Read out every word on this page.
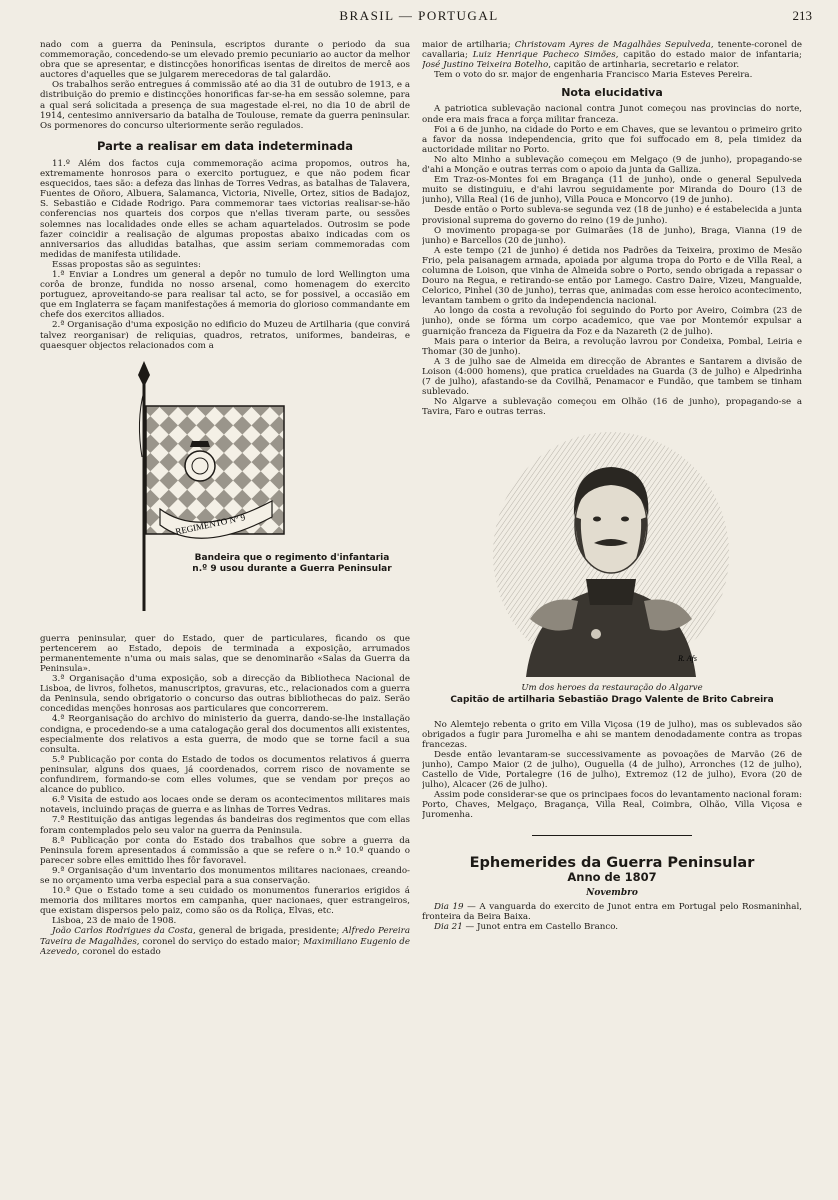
BRASIL — PORTUGAL	213

nado com a guerra da Peninsula, escriptos durante o periodo da sua commemoração, concedendo-se um elevado premio pecuniario ao auctor da melhor obra que se apresentar, e distincções honorificas isentas de direitos de mercê aos auctores d'aquelles que se julgarem merecedoras de tal galardão.

Os trabalhos serão entregues á commissão até ao dia 31 de outubro de 1913, e a distribuição do premio e distincções honorificas far-se-ha em sessão solemne, para a qual será solicitada a presença de sua magestade el-rei, no dia 10 de abril de 1914, centesimo anniversario da batalha de Toulouse, remate da guerra peninsular. Os pormenores do concurso ulteriormente serão regulados.

Parte a realisar em data indeterminada

11.º Além dos factos cuja commemoração acima propomos, outros ha, extremamente honrosos para o exercito portuguez, e que não podem ficar esquecidos, taes são: a defeza das linhas de Torres Vedras, as batalhas de Talavera, Fuentes de Oñoro, Albuera, Salamanca, Victoria, Nivelle, Ortez, sitios de Badajoz, S. Sebastião e Cidade Rodrigo. Para commemorar taes victorias realisar-se-hão conferencias nos quarteis dos corpos que n'ellas tiveram parte, ou sessões solemnes nas localidades onde elles se acham aquartelados. Outrosim se pode fazer coincidir a realisação de algumas propostas abaixo indicadas com os anniversarios das alludidas batalhas, que assim seriam commemoradas com medidas de manifesta utilidade.

Essas propostas são as seguintes:

1.ª Enviar a Londres um general a depôr no tumulo de lord Wellington uma corôa de bronze, fundida no nosso arsenal, como homenagem do exercito portuguez, aproveitando-se para realisar tal acto, se for possivel, a occasião em que em Inglaterra se façam manifestações á memoria do glorioso commandante em chefe dos exercitos alliados.

2.ª Organisação d'uma exposição no edificio do Muzeu de Artilharia (que convirá talvez reorganisar) de reliquias, quadros, retratos, uniformes, bandeiras, e quaesquer objectos relacionados com a

REGIMENTO Nº 9
Bandeira que o regimento d'infantaria n.º 9 usou durante a Guerra Peninsular

guerra peninsular, quer do Estado, quer de particulares, ficando os que pertencerem ao Estado, depois de terminada a exposição, arrumados permanentemente n'uma ou mais salas, que se denominarão «Salas da Guerra da Peninsula».

3.ª Organisação d'uma exposição, sob a direcção da Bibliotheca Nacional de Lisboa, de livros, folhetos, manuscriptos, gravuras, etc., relacionados com a guerra da Peninsula, sendo obrigatorio o concurso das outras bibliothecas do paiz. Serão concedidas menções honrosas aos particulares que concorrerem.

4.ª Reorganisação do archivo do ministerio da guerra, dando-se-lhe installação condigna, e procedendo-se a uma catalogação geral dos documentos alli existentes, especialmente dos relativos a esta guerra, de modo que se torne facil a sua consulta.

5.ª Publicação por conta do Estado de todos os documentos relativos á guerra peninsular, alguns dos quaes, já coordenados, correm risco de novamente se confundirem, formando-se com elles volumes, que se vendam por preços ao alcance do publico.

6.ª Visita de estudo aos locaes onde se deram os acontecimentos militares mais notaveis, incluindo praças de guerra e as linhas de Torres Vedras.

7.ª Restituição das antigas legendas ás bandeiras dos regimentos que com ellas foram contemplados pelo seu valor na guerra da Peninsula.

8.ª Publicação por conta do Estado dos trabalhos que sobre a guerra da Peninsula forem apresentados á commissão a que se refere o n.º 10.º quando o parecer sobre elles emittido lhes fôr favoravel.

9.ª Organisação d'um inventario dos monumentos militares nacionaes, creando-se no orçamento uma verba especial para a sua conservação.

10.ª Que o Estado tome a seu cuidado os monumentos funerarios erigidos á memoria dos militares mortos em campanha, quer nacionaes, quer estrangeiros, que existam dispersos pelo paiz, como são os da Roliça, Elvas, etc.

Lisboa, 23 de maio de 1908.

João Carlos Rodrigues da Costa, general de brigada, presidente; Alfredo Pereira Taveira de Magalhães, coronel do serviço do estado maior; Maximiliano Eugenio de Azevedo, coronel do estado

maior de artilharia; Christovam Ayres de Magalhães Sepulveda, tenente-coronel de cavallaria; Luiz Henrique Pacheco Simões, capitão do estado maior de infantaria; José Justino Teixeira Botelho, capitão de artinharia, secretario e relator.

Tem o voto do sr. major de engenharia Francisco Maria Esteves Pereira.

Nota elucidativa

A patriotica sublevação nacional contra Junot começou nas provincias do norte, onde era mais fraca a força militar franceza.

Foi a 6 de junho, na cidade do Porto e em Chaves, que se levantou o primeiro grito a favor da nossa independencia, grito que foi suffocado em 8, pela timidez da auctoridade militar no Porto.

No alto Minho a sublevação começou em Melgaço (9 de junho), propagando-se d'ahi a Monção e outras terras com o apoio da junta da Galliza.

Em Traz-os-Montes foi em Bragança (11 de junho), onde o general Sepulveda muito se distinguiu, e d'ahi lavrou seguidamente por Miranda do Douro (13 de junho), Villa Real (16 de junho), Villa Pouca e Moncorvo (19 de junho).

Desde então o Porto subleva-se segunda vez (18 de junho) e é estabelecida a junta provisional suprema do governo do reino (19 de junho).

O movimento propaga-se por Guimarães (18 de junho), Braga, Vianna (19 de junho) e Barcellos (20 de junho).

A este tempo (21 de junho) é detida nos Padrões da Teixeira, proximo de Mesão Frio, pela paisanagem armada, apoiada por alguma tropa do Porto e de Villa Real, a columna de Loison, que vinha de Almeida sobre o Porto, sendo obrigada a repassar o Douro na Regua, e retirando-se então por Lamego. Castro Daire, Vizeu, Mangualde, Celorico, Pinhel (30 de junho), terras que, animadas com esse heroico acontecimento, levantam tambem o grito da independencia nacional.

Ao longo da costa a revolução foi seguindo do Porto por Aveiro, Coimbra (23 de junho), onde se fórma um corpo academico, que vae por Montemór expulsar a guarnição franceza da Figueira da Foz e da Nazareth (2 de julho).

Mais para o interior da Beira, a revolução lavrou por Condeixa, Pombal, Leiria e Thomar (30 de junho).

A 3 de julho sae de Almeida em direcção de Abrantes e Santarem a divisão de Loison (4:000 homens), que pratica crueldades na Guarda (3 de julho) e Alpedrinha (7 de julho), afastando-se da Covilhã, Penamacor e Fundão, que tambem se tinham sublevado.

No Algarve a sublevação começou em Olhão (16 de junho), propagando-se a Tavira, Faro e outras terras.

R. Afs
Um dos heroes da restauração do Algarve
Capitão de artilharia Sebastião Drago Valente de Brito Cabreira

No Alemtejo rebenta o grito em Villa Viçosa (19 de julho), mas os sublevados são obrigados a fugir para Juromelha e ahi se mantem denodadamente contra as tropas francezas.

Desde então levantaram-se successivamente as povoações de Marvão (26 de junho), Campo Maior (2 de julho), Ouguella (4 de julho), Arronches (12 de julho), Castello de Vide, Portalegre (16 de julho), Extremoz (12 de julho), Evora (20 de julho), Alcacer (26 de julho).

Assim pode considerar-se que os principaes focos do levantamento nacional foram: Porto, Chaves, Melgaço, Bragança, Villa Real, Coimbra, Olhão, Villa Viçosa e Juromenha.

Ephemerides da Guerra Peninsular
Anno de 1807
Novembro

Dia 19 — A vanguarda do exercito de Junot entra em Portugal pelo Rosmaninhal, fronteira da Beira Baixa.

Dia 21 — Junot entra em Castello Branco.
